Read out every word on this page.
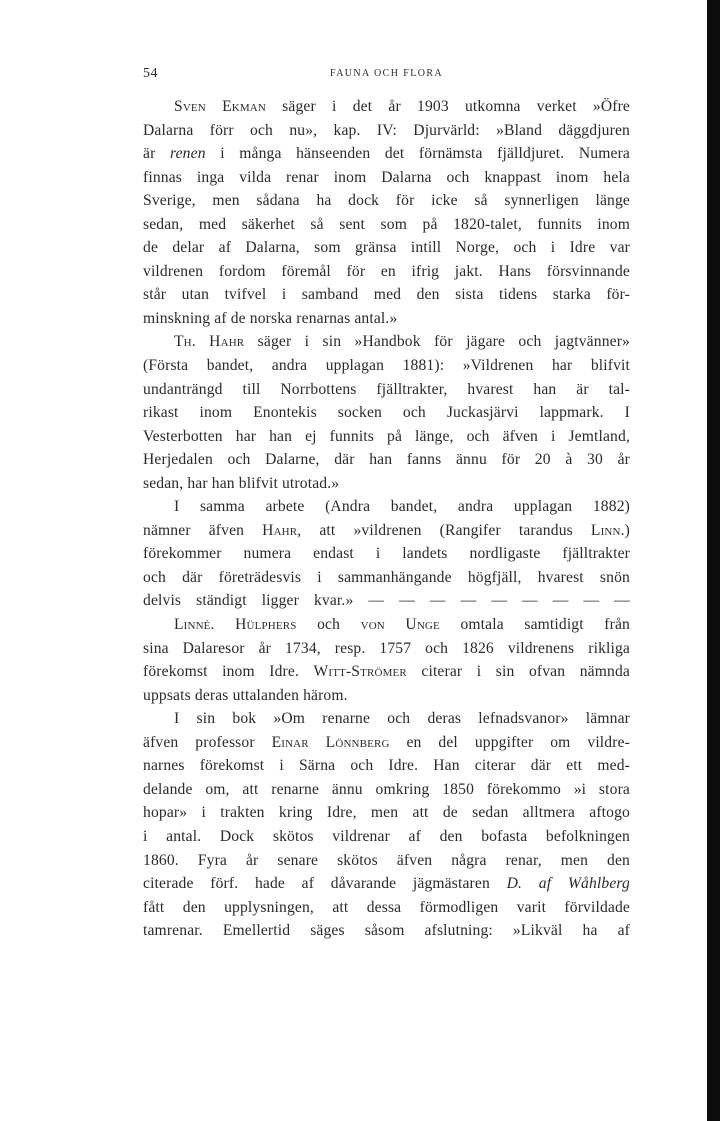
54	FAUNA OCH FLORA
Sven Ekman säger i det år 1903 utkomna verket »Öfre
Dalarna förr och nu», kap. IV: Djurvärld: »Bland däggdjuren
är renen i många hänseenden det förnämsta fjälldjuret. Numera
finnas inga vilda renar inom Dalarna och knappast inom hela
Sverige, men sådana ha dock för icke så synnerligen länge
sedan, med säkerhet så sent som på 1820-talet, funnits inom
de delar af Dalarna, som gränsa intill Norge, och i Idre var
vildrenen fordom föremål för en ifrig jakt. Hans försvinnande
står utan tvifvel i samband med den sista tidens starka för-
minskning af de norska renarnas antal.»
Th. Hahr säger i sin »Handbok för jägare och jagtvänner»
(Första bandet, andra upplagan 1881): »Vildrenen har blifvit
undanträngd till Norrbottens fjälltrakter, hvarest han är tal-
rikast inom Enontekis socken och Juckasjärvi lappmark. I
Vesterbotten har han ej funnits på länge, och äfven i Jemtland,
Herjedalen och Dalarne, där han fanns ännu för 20 à 30 år
sedan, har han blifvit utrotad.»
I samma arbete (Andra bandet, andra upplagan 1882)
nämner äfven Hahr, att »vildrenen (Rangifer tarandus Linn.)
förekommer numera endast i landets nordligaste fjälltrakter
och där företrädesvis i sammanhängande högfjäll, hvarest snön
delvis ständigt ligger kvar.» — — — — — — — — —
Linné. Hülphers och von Unge omtala samtidigt från
sina Dalaresor år 1734, resp. 1757 och 1826 vildrenens rikliga
förekomst inom Idre. Witt-Strömer citerar i sin ofvan nämnda
uppsats deras uttalanden härom.
I sin bok »Om renarne och deras lefnadsvanor» lämnar
äfven professor Einar Lönnberg en del uppgifter om vildre-
narnes förekomst i Särna och Idre. Han citerar där ett med-
delande om, att renarne ännu omkring 1850 förekommo »i stora
hopar» i trakten kring Idre, men att de sedan alltmera aftogo
i antal. Dock skötos vildrenar af den bofasta befolkningen
1860. Fyra år senare skötos äfven några renar, men den
citerade förf. hade af dåvarande jägmästaren D. af Wåhlberg
fått den upplysningen, att dessa förmodligen varit förvildade
tamrenar. Emellertid säges såsom afslutning: »Likväl ha af
